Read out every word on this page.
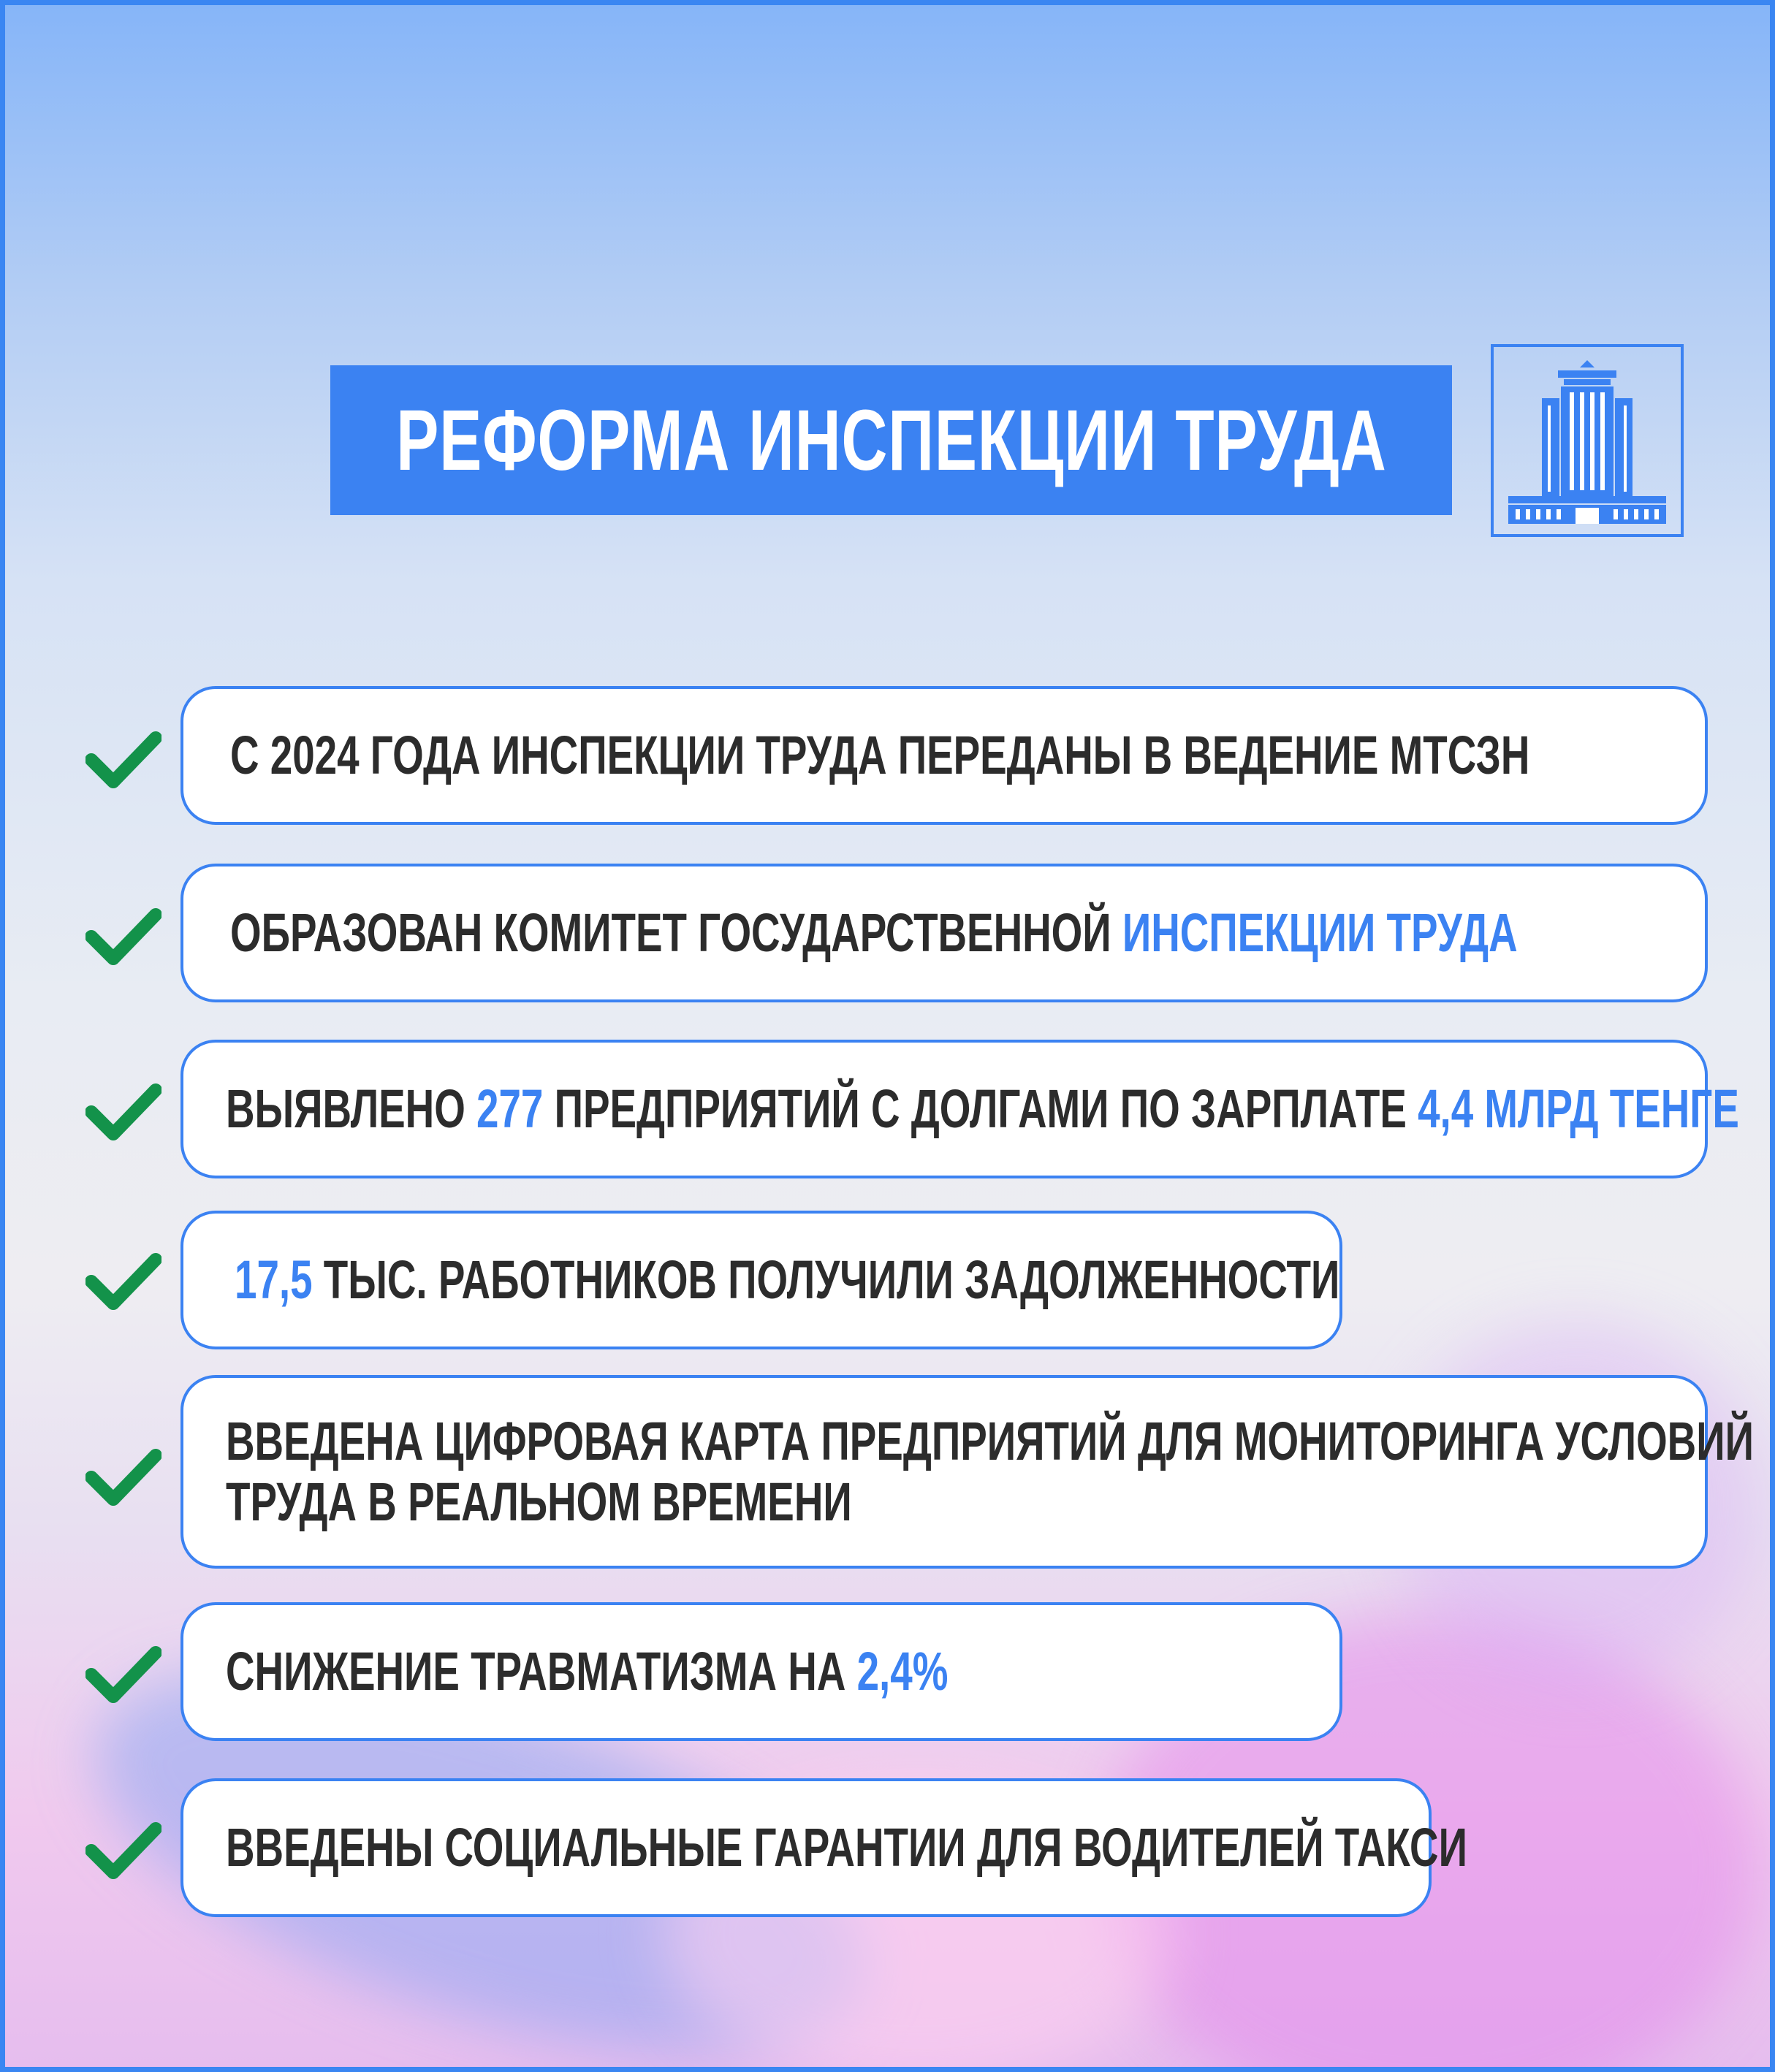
РЕФОРМА ИНСПЕКЦИИ ТРУДА
С 2024 ГОДА ИНСПЕКЦИИ ТРУДА ПЕРЕДАНЫ В ВЕДЕНИЕ МТСЗН
ОБРАЗОВАН КОМИТЕТ ГОСУДАРСТВЕННОЙ ИНСПЕКЦИИ ТРУДА
ВЫЯВЛЕНО 277 ПРЕДПРИЯТИЙ С ДОЛГАМИ ПО ЗАРПЛАТЕ 4,4 МЛРД ТЕНГЕ
17,5 ТЫС. РАБОТНИКОВ ПОЛУЧИЛИ ЗАДОЛЖЕННОСТИ
ВВЕДЕНА ЦИФРОВАЯ КАРТА ПРЕДПРИЯТИЙ ДЛЯ МОНИТОРИНГА УСЛОВИЙ
ТРУДА В РЕАЛЬНОМ ВРЕМЕНИ
СНИЖЕНИЕ ТРАВМАТИЗМА НА 2,4%
ВВЕДЕНЫ СОЦИАЛЬНЫЕ ГАРАНТИИ ДЛЯ ВОДИТЕЛЕЙ ТАКСИ
